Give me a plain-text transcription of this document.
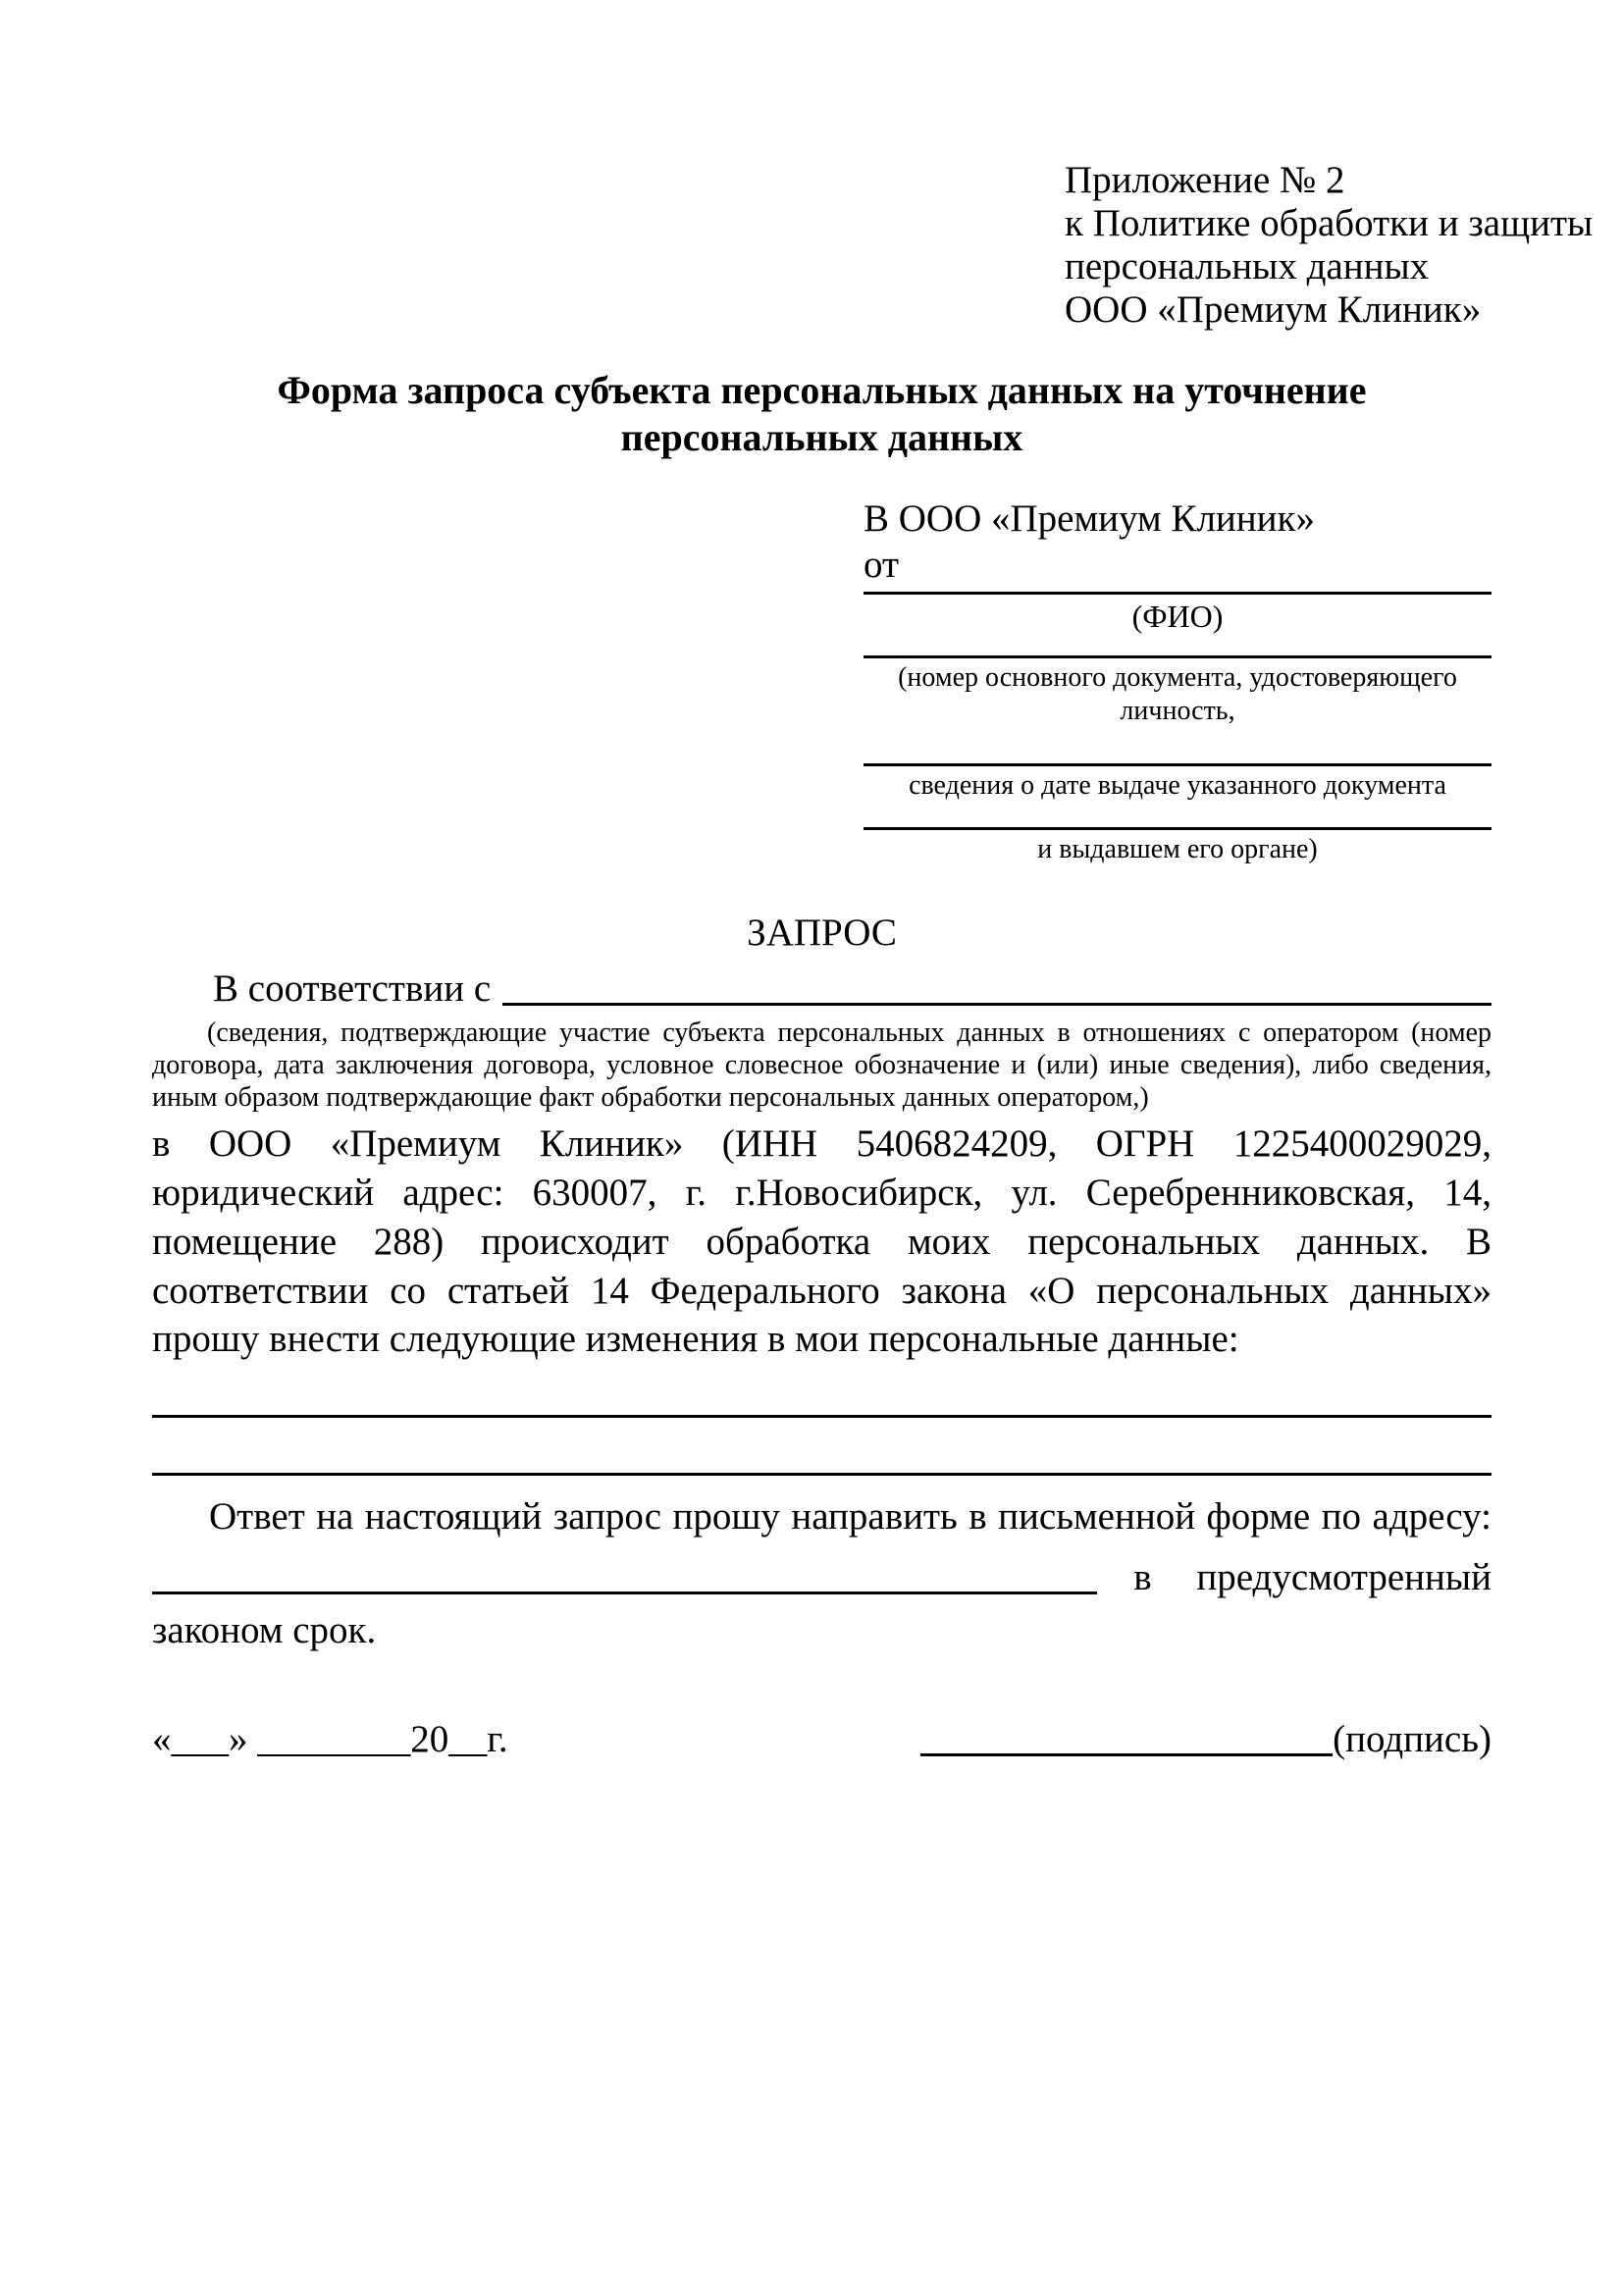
Приложение № 2
к Политике обработки и защиты
персональных данных
ООО «Премиум Клиник»
Форма запроса субъекта персональных данных на уточнение
персональных данных
В ООО «Премиум Клиник»
от
(ФИО)
(номер основного документа, удостоверяющего личность,
сведения о дате выдаче указанного документа
и выдавшем его органе)
ЗАПРОС
В соответствии с

(сведения, подтверждающие участие субъекта персональных данных в отношениях с оператором (номер договора, дата заключения договора, условное словесное обозначение и (или) иные сведения), либо сведения, иным образом подтверждающие факт обработки персональных данных оператором,)

в ООО «Премиум Клиник» (ИНН 5406824209, ОГРН 1225400029029, юридический адрес: 630007, г. г.Новосибирск, ул. Серебренниковская, 14, помещение 288) происходит обработка моих персональных данных. В соответствии со статьей 14 Федерального закона «О персональных данных» прошу внести следующие изменения в мои персональные данные:

Ответ на настоящий запрос прошу направить в письменной форме по адресу:

в предусмотренный

законом срок.

«___» ________20__г.	(подпись)
